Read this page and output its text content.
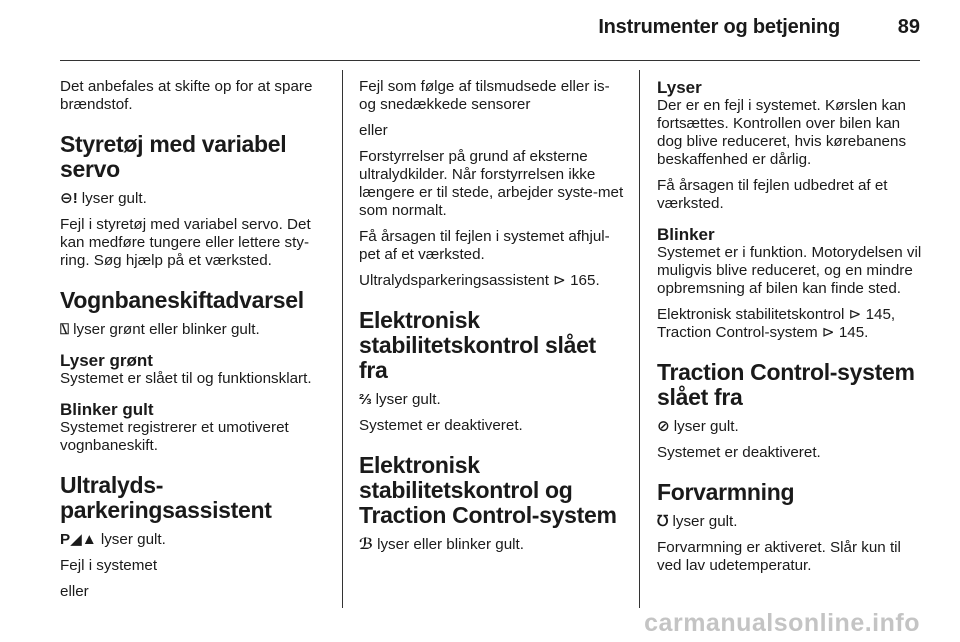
Instrumenter og betjening	89

Det anbefales at skifte op for at spare brændstof.

Styretøj med variabel servo

⊖! lyser gult.

Fejl i styretøj med variabel servo. Det kan medføre tungere eller lettere sty-ring. Søg hjælp på et værksted.

Vognbaneskiftadvarsel

⍂ lyser grønt eller blinker gult.

Lyser grønt

Systemet er slået til og funktionsklart.

Blinker gult

Systemet registrerer et umotiveret vognbaneskift.

Ultralyds-parkeringsassistent

P◢▲ lyser gult.

Fejl i systemet

eller

Fejl som følge af tilsmudsede eller is- og snedækkede sensorer

eller

Forstyrrelser på grund af eksterne ultralydkilder. Når forstyrrelsen ikke længere er til stede, arbejder syste-met som normalt.

Få årsagen til fejlen i systemet afhjul-pet af et værksted.

Ultralydsparkeringsassistent ⊳ 165.

Elektronisk stabilitetskontrol slået fra

⅔ lyser gult.

Systemet er deaktiveret.

Elektronisk stabilitetskontrol og Traction Control-system

ℬ lyser eller blinker gult.

Lyser

Der er en fejl i systemet. Kørslen kan fortsættes. Kontrollen over bilen kan dog blive reduceret, hvis kørebanens beskaffenhed er dårlig.

Få årsagen til fejlen udbedret af et værksted.

Blinker

Systemet er i funktion. Motorydelsen vil muligvis blive reduceret, og en mindre opbremsning af bilen kan finde sted.

Elektronisk stabilitetskontrol ⊳ 145,
Traction Control-system ⊳ 145.

Traction Control-system slået fra

⊘ lyser gult.

Systemet er deaktiveret.

Forvarmning

ᘮ lyser gult.

Forvarmning er aktiveret. Slår kun til ved lav udetemperatur.

carmanualsonline.info
